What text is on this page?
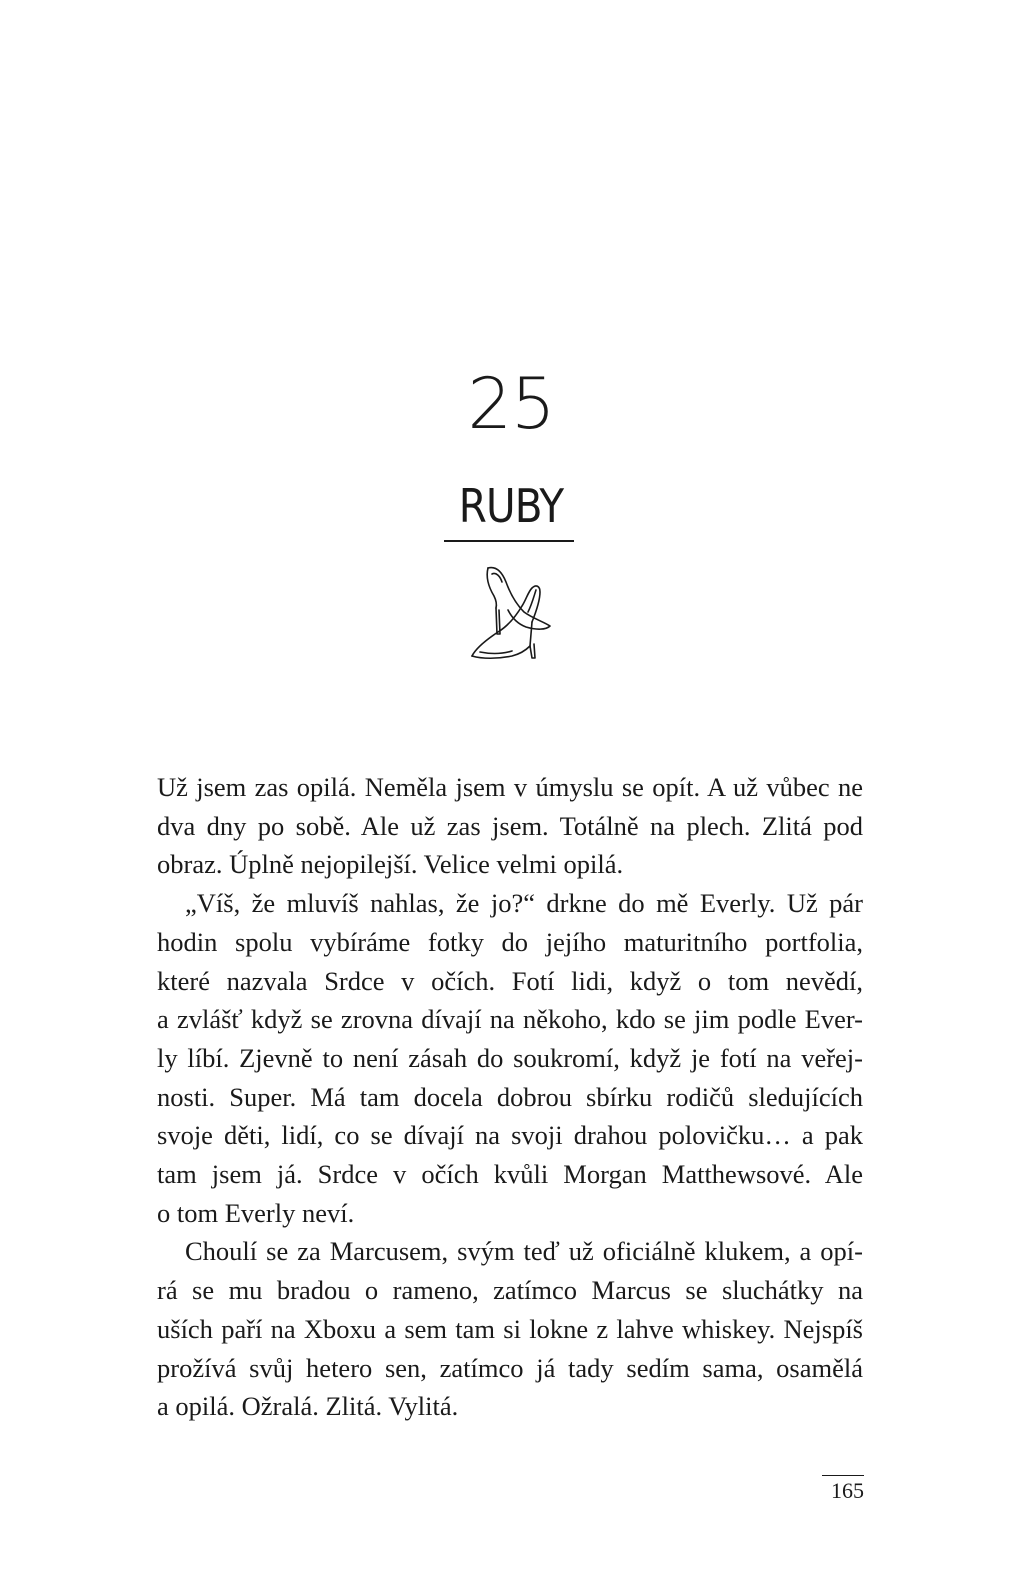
25
RUBY

Už jsem zas opilá. Neměla jsem v úmyslu se opít. A už vůbec ne
dva dny po sobě. Ale už zas jsem. Totálně na plech. Zlitá pod
obraz. Úplně nejopilejší. Velice velmi opilá.

„Víš, že mluvíš nahlas, že jo?“ drkne do mě Everly. Už pár
hodin spolu vybíráme fotky do jejího maturitního portfolia,
které nazvala Srdce v očích. Fotí lidi, když o tom nevědí,
a zvlášť když se zrovna dívají na někoho, kdo se jim podle Ever-
ly líbí. Zjevně to není zásah do soukromí, když je fotí na veřej-
nosti. Super. Má tam docela dobrou sbírku rodičů sledujících
svoje děti, lidí, co se dívají na svoji drahou polovičku… a pak
tam jsem já. Srdce v očích kvůli Morgan Matthewsové. Ale
o tom Everly neví.

Choulí se za Marcusem, svým teď už oficiálně klukem, a opí-
rá se mu bradou o rameno, zatímco Marcus se sluchátky na
uších paří na Xboxu a sem tam si lokne z lahve whiskey. Nejspíš
prožívá svůj hetero sen, zatímco já tady sedím sama, osamělá
a opilá. Ožralá. Zlitá. Vylitá.

165
